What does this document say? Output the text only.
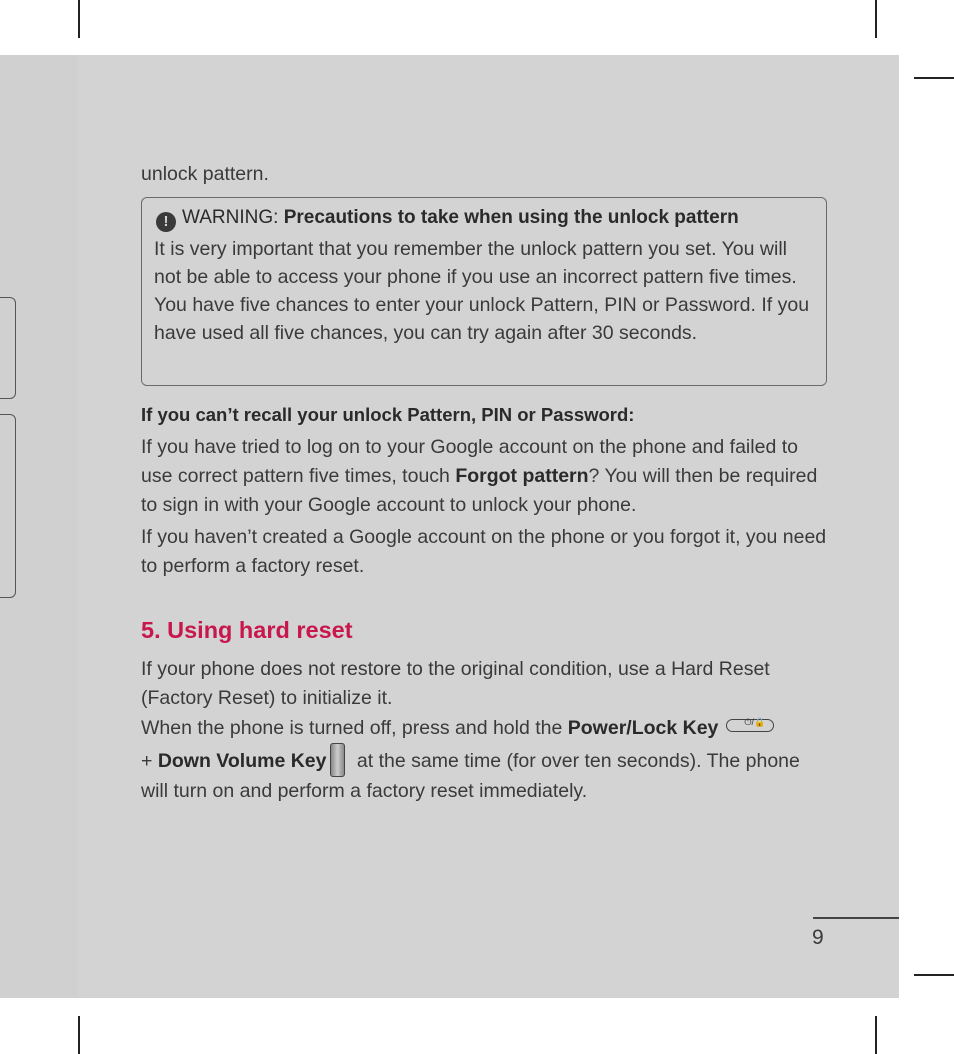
unlock pattern.

! WARNING: Precautions to take when using the unlock pattern

It is very important that you remember the unlock pattern you set. You will not be able to access your phone if you use an incorrect pattern five times. You have five chances to enter your unlock Pattern, PIN or Password. If you have used all five chances, you can try again after 30 seconds.

If you can’t recall your unlock Pattern, PIN or Password:

If you have tried to log on to your Google account on the phone and failed to use correct pattern five times, touch Forgot pattern? You will then be required to sign in with your Google account to unlock your phone.

If you haven’t created a Google account on the phone or you forgot it, you need to perform a factory reset.

5. Using hard reset

If your phone does not restore to the original condition, use a Hard Reset (Factory Reset) to initialize it.

When the phone is turned off, press and hold the Power/Lock Key	⏻/🔒

+ Down Volume Key at the same time (for over ten seconds). The phone will turn on and perform a factory reset immediately.

9
